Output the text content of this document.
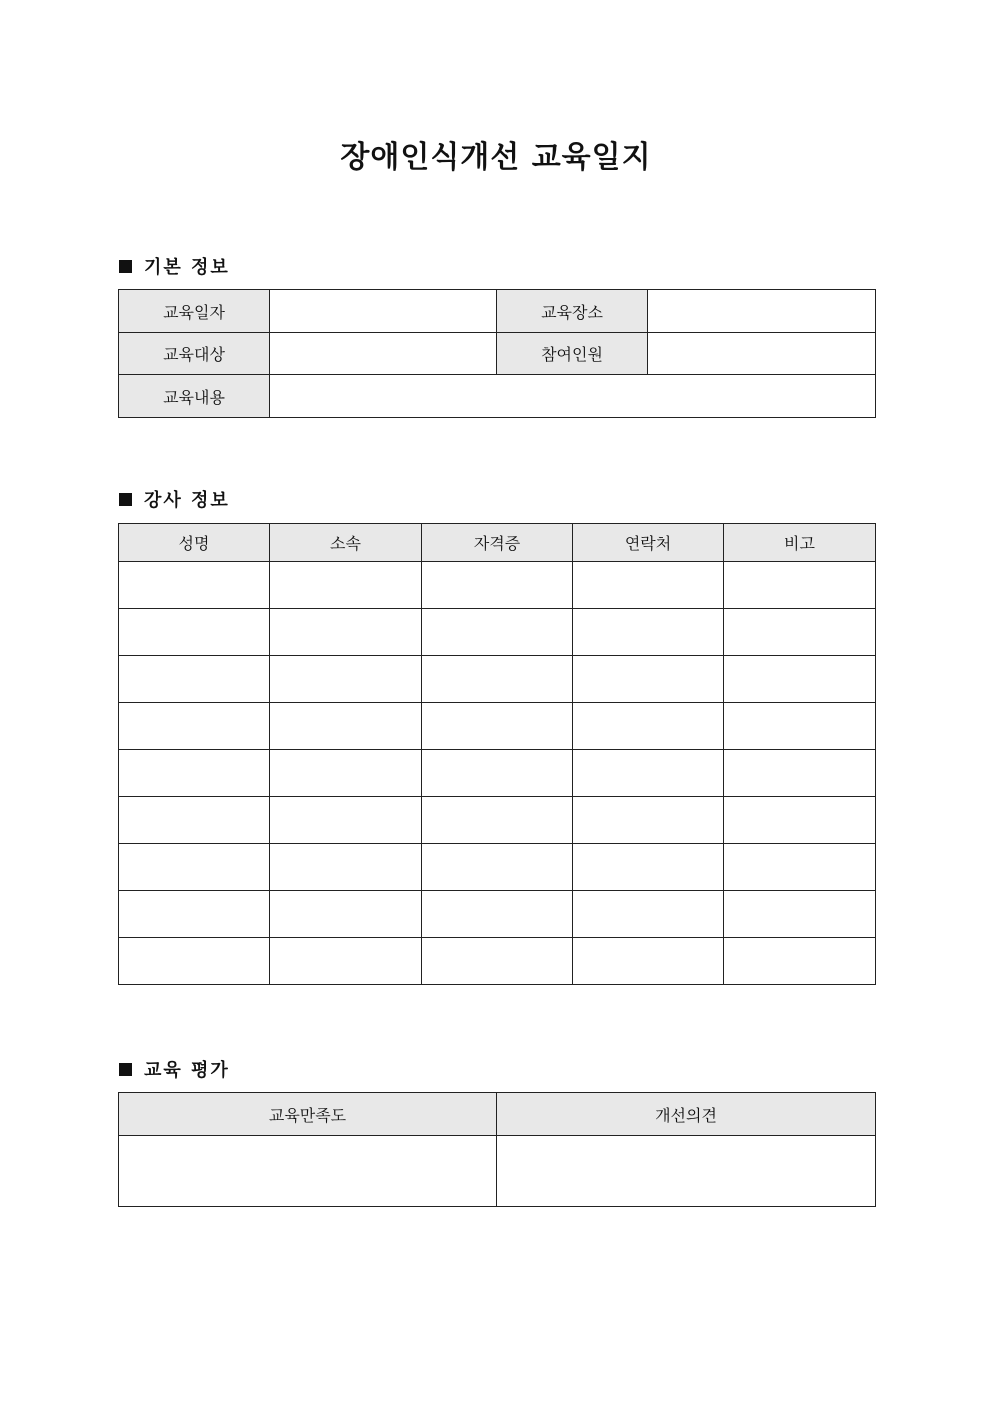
장애인식개선 교육일지
기본 정보
교육일자		교육장소	
교육대상		참여인원	
교육내용			
강사 정보
성명	소속	자격증	연락처	비고

교육 평가
교육만족도	개선의견
